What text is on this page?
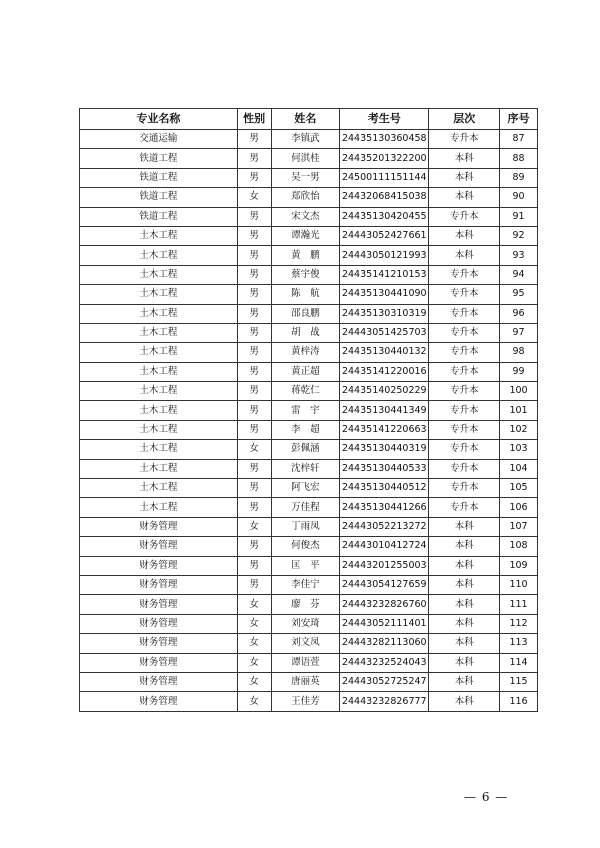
专业名称	性别	姓名	考生号	层次	序号
交通运输	男	李镇武	24435130360458	专升本	87
铁道工程	男	何淇桂	24435201322200	本科	88
铁道工程	男	吴一男	24500111151144	本科	89
铁道工程	女	郑欣怡	24432068415038	本科	90
铁道工程	男	宋文杰	24435130420455	专升本	91
土木工程	男	谭瀚光	24443052427661	本科	92
土木工程	男	黄　鹏	24443050121993	本科	93
土木工程	男	蔡宇俊	24435141210153	专升本	94
土木工程	男	陈　航	24435130441090	专升本	95
土木工程	男	邵良鹏	24435130310319	专升本	96
土木工程	男	胡　战	24443051425703	专升本	97
土木工程	男	黄梓涛	24435130440132	专升本	98
土木工程	男	黄正超	24435141220016	专升本	99
土木工程	男	蒋乾仁	24435140250229	专升本	100
土木工程	男	雷　宇	24435130441349	专升本	101
土木工程	男	李　超	24435141220663	专升本	102
土木工程	女	彭佩涵	24435130440319	专升本	103
土木工程	男	沈梓轩	24435130440533	专升本	104
土木工程	男	阿飞宏	24435130440512	专升本	105
土木工程	男	万佳程	24435130441266	专升本	106
财务管理	女	丁雨凤	24443052213272	本科	107
财务管理	男	何俊杰	24443010412724	本科	108
财务管理	男	匡　平	24443201255003	本科	109
财务管理	男	李佳宁	24443054127659	本科	110
财务管理	女	廖　芬	24443232826760	本科	111
财务管理	女	刘安琦	24443052111401	本科	112
财务管理	女	刘文凤	24443282113060	本科	113
财务管理	女	谭语萱	24443232524043	本科	114
财务管理	女	唐丽英	24443052725247	本科	115
财务管理	女	王佳芳	24443232826777	本科	116
— 6 —
